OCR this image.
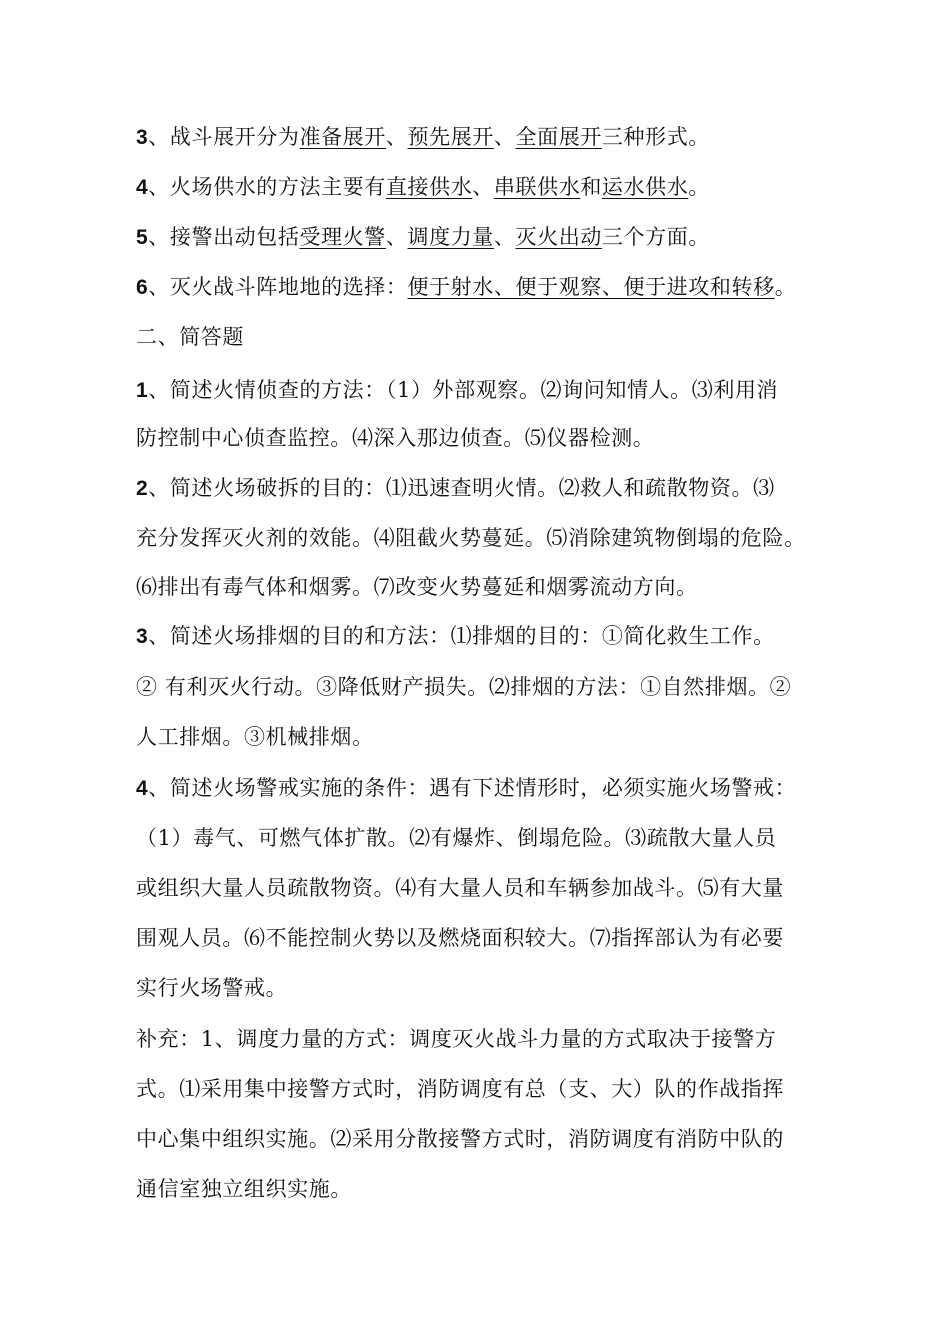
3、战斗展开分为准备展开、预先展开、全面展开三种形式。
4、火场供水的方法主要有直接供水、串联供水和运水供水。
5、接警出动包括受理火警、调度力量、灭火出动三个方面。
6、灭火战斗阵地地的选择：便于射水、便于观察、便于进攻和转移。
二、简答题
1、简述火情侦查的方法：（1）外部观察。⑵询问知情人。⑶利用消
防控制中心侦查监控。⑷深入那边侦查。⑸仪器检测。
2、简述火场破拆的目的：⑴迅速查明火情。⑵救人和疏散物资。⑶
充分发挥灭火剂的效能。⑷阻截火势蔓延。⑸消除建筑物倒塌的危险。
⑹排出有毒气体和烟雾。⑺改变火势蔓延和烟雾流动方向。
3、简述火场排烟的目的和方法：⑴排烟的目的：①简化救生工作。
② 有利灭火行动。③降低财产损失。⑵排烟的方法：①自然排烟。②
人工排烟。③机械排烟。
4、简述火场警戒实施的条件：遇有下述情形时，必须实施火场警戒：
（1）毒气、可燃气体扩散。⑵有爆炸、倒塌危险。⑶疏散大量人员
或组织大量人员疏散物资。⑷有大量人员和车辆参加战斗。⑸有大量
围观人员。⑹不能控制火势以及燃烧面积较大。⑺指挥部认为有必要
实行火场警戒。
补充：1、调度力量的方式：调度灭火战斗力量的方式取决于接警方
式。⑴采用集中接警方式时，消防调度有总（支、大）队的作战指挥
中心集中组织实施。⑵采用分散接警方式时，消防调度有消防中队的
通信室独立组织实施。
